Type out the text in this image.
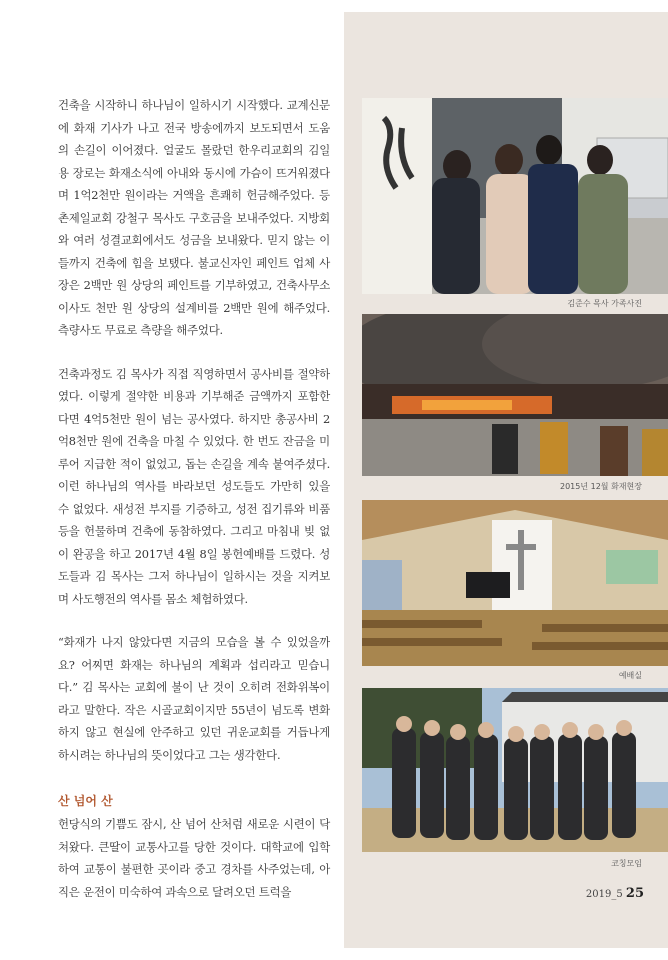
건축을 시작하니 하나님이 일하시기 시작했다. 교계신문에 화재 기사가 나고 전국 방송에까지 보도되면서 도움의 손길이 이어졌다. 얼굴도 몰랐던 한우리교회의 김일용 장로는 화재소식에 아내와 동시에 가슴이 뜨거워졌다며 1억2천만 원이라는 거액을 흔쾌히 헌금해주었다. 등촌제일교회 강철구 목사도 구호금을 보내주었다. 지방회와 여러 성결교회에서도 성금을 보내왔다. 믿지 않는 이들까지 건축에 힘을 보탰다. 불교신자인 페인트 업체 사장은 2백만 원 상당의 페인트를 기부하였고, 건축사무소 이사도 천만 원 상당의 설계비를 2백만 원에 해주었다. 측량사도 무료로 측량을 해주었다.

건축과정도 김 목사가 직접 직영하면서 공사비를 절약하였다. 이렇게 절약한 비용과 기부해준 금액까지 포함한다면 4억5천만 원이 넘는 공사였다. 하지만 총공사비 2억8천만 원에 건축을 마칠 수 있었다. 한 번도 잔금을 미루어 지급한 적이 없었고, 돕는 손길을 계속 붙여주셨다. 이런 하나님의 역사를 바라보던 성도들도 가만히 있을 수 없었다. 새성전 부지를 기증하고, 성전 집기류와 비품 등을 헌물하며 건축에 동참하였다. 그리고 마침내 빚 없이 완공을 하고 2017년 4월 8일 봉헌예배를 드렸다. 성도들과 김 목사는 그저 하나님이 일하시는 것을 지켜보며 사도행전의 역사를 몸소 체험하였다.

“화재가 나지 않았다면 지금의 모습을 볼 수 있었을까요? 어찌면 화재는 하나님의 계획과 섭리라고 믿습니다.” 김 목사는 교회에 불이 난 것이 오히려 전화위복이라고 말한다. 작은 시골교회이지만 55년이 넘도록 변화하지 않고 현실에 안주하고 있던 귀운교회를 거듭나게 하시려는 하나님의 뜻이었다고 그는 생각한다.

산 넘어 산

헌당식의 기쁨도 잠시, 산 넘어 산처럼 새로운 시련이 닥쳐왔다. 큰딸이 교통사고를 당한 것이다. 대학교에 입학하여 교통이 불편한 곳이라 중고 경차를 사주었는데, 아직은 운전이 미숙하여 과속으로 달려오던 트럭을

김준수 목사 가족사진
2015년 12월 화재현장
예배실
코칭모임
2019_5 25
